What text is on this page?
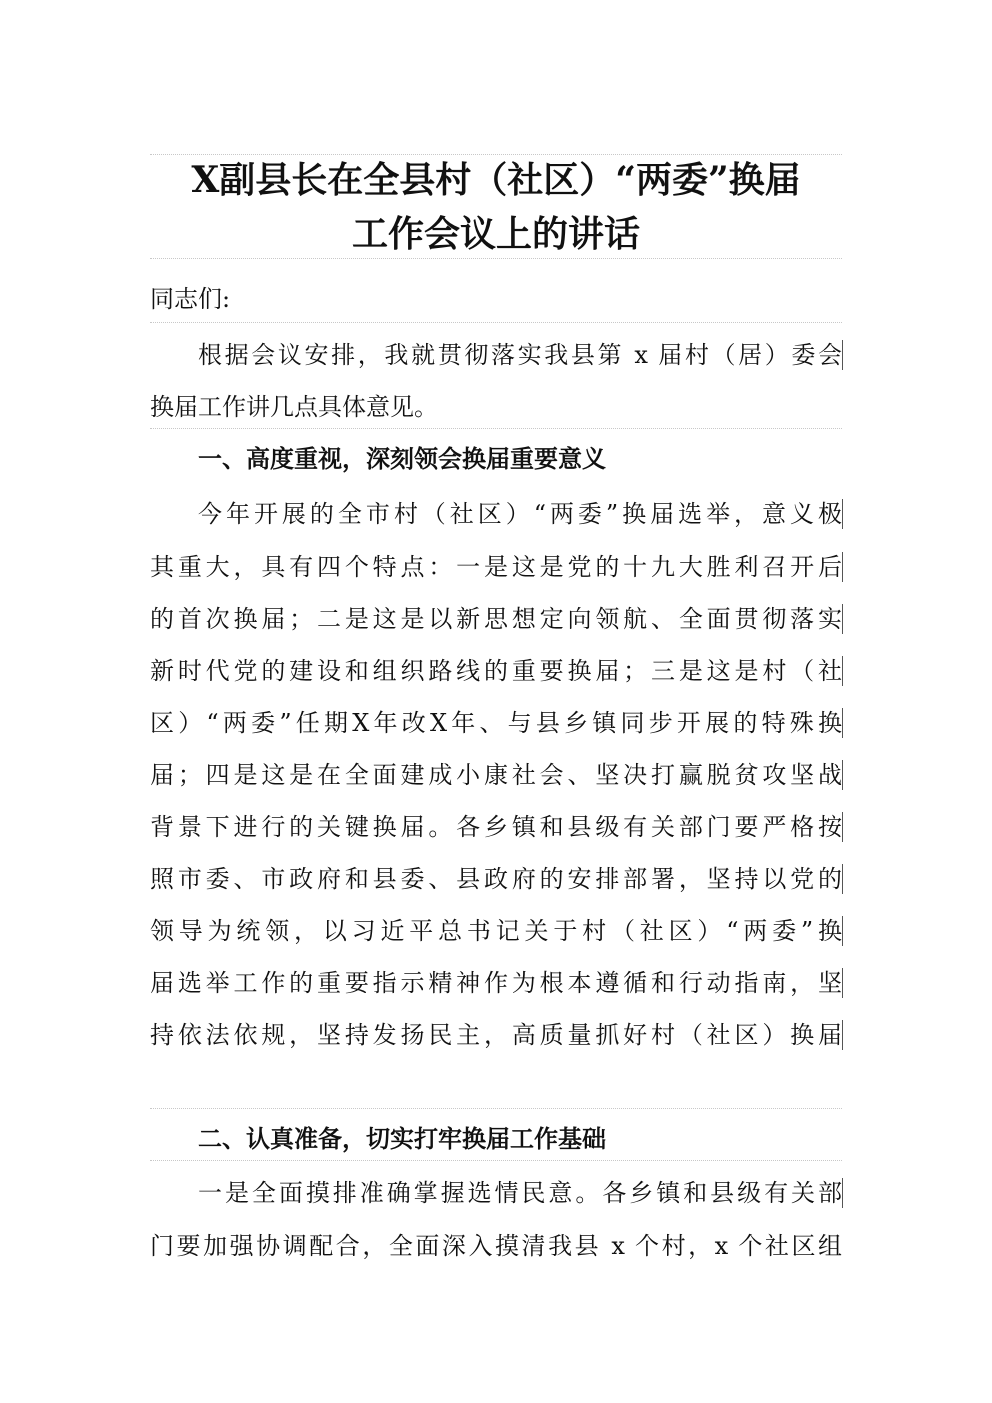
X副县长在全县村（社区）“两委”换届
工作会议上的讲话

同志们:

根据会议安排，我就贯彻落实我县第 x 届村（居）委会

换届工作讲几点具体意见。

一、高度重视，深刻领会换届重要意义

今年开展的全市村（社区）“两委”换届选举，意义极

其重大，具有四个特点：一是这是党的十九大胜利召开后

的首次换届；二是这是以新思想定向领航、全面贯彻落实

新时代党的建设和组织路线的重要换届；三是这是村（社

区）“两委”任期X年改X年、与县乡镇同步开展的特殊换

届；四是这是在全面建成小康社会、坚决打赢脱贫攻坚战

背景下进行的关键换届。各乡镇和县级有关部门要严格按

照市委、市政府和县委、县政府的安排部署，坚持以党的

领导为统领，以习近平总书记关于村（社区）“两委”换

届选举工作的重要指示精神作为根本遵循和行动指南，坚

持依法依规，坚持发扬民主，高质量抓好村（社区）换届

二、认真准备，切实打牢换届工作基础

一是全面摸排准确掌握选情民意。各乡镇和县级有关部

门要加强协调配合，全面深入摸清我县 x 个村，x 个社区组
